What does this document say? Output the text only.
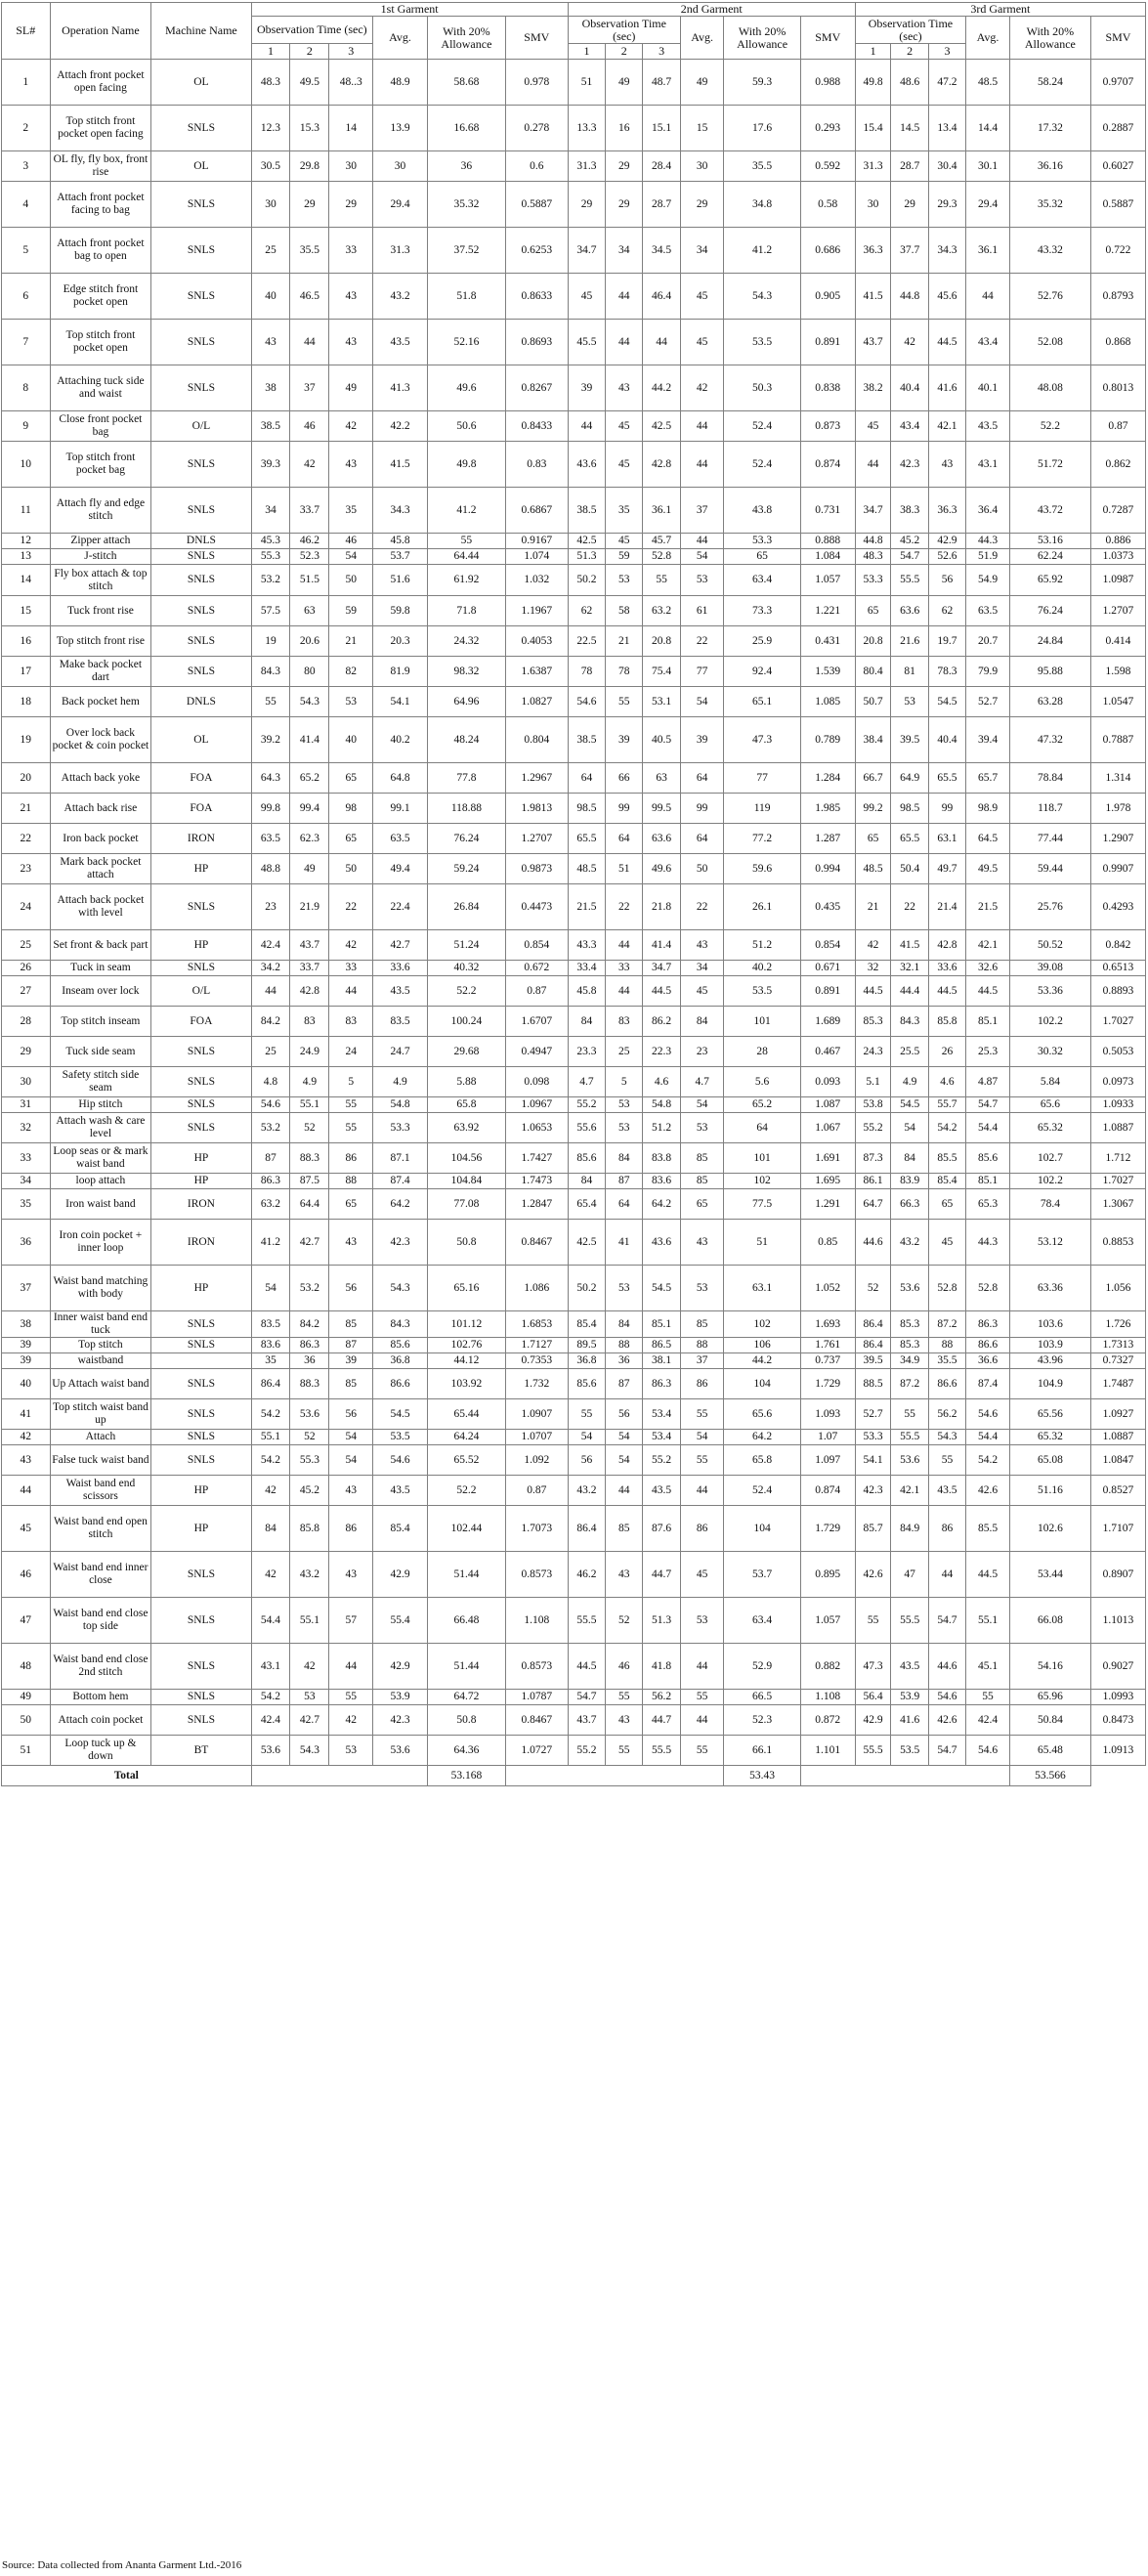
SL#	Operation Name	Machine Name	1st Garment						2nd Garment						3rd Garment					
			Observation Time (sec)			Avg.	With 20% Allowance	SMV	Observation Time (sec)			Avg.	With 20% Allowance	SMV	Observation Time (sec)			Avg.	With 20% Allowance	SMV
			1	2	3				1	2	3				1	2	3			
1	Attach front pocket open facing	OL	48.3	49.5	48..3	48.9	58.68	0.978	51	49	48.7	49	59.3	0.988	49.8	48.6	47.2	48.5	58.24	0.9707
2	Top stitch front pocket open facing	SNLS	12.3	15.3	14	13.9	16.68	0.278	13.3	16	15.1	15	17.6	0.293	15.4	14.5	13.4	14.4	17.32	0.2887
3	OL fly, fly box, front rise	OL	30.5	29.8	30	30	36	0.6	31.3	29	28.4	30	35.5	0.592	31.3	28.7	30.4	30.1	36.16	0.6027
4	Attach front pocket facing to bag	SNLS	30	29	29	29.4	35.32	0.5887	29	29	28.7	29	34.8	0.58	30	29	29.3	29.4	35.32	0.5887
5	Attach front pocket bag to open	SNLS	25	35.5	33	31.3	37.52	0.6253	34.7	34	34.5	34	41.2	0.686	36.3	37.7	34.3	36.1	43.32	0.722
6	Edge stitch front pocket open	SNLS	40	46.5	43	43.2	51.8	0.8633	45	44	46.4	45	54.3	0.905	41.5	44.8	45.6	44	52.76	0.8793
7	Top stitch front pocket open	SNLS	43	44	43	43.5	52.16	0.8693	45.5	44	44	45	53.5	0.891	43.7	42	44.5	43.4	52.08	0.868
8	Attaching tuck side and waist	SNLS	38	37	49	41.3	49.6	0.8267	39	43	44.2	42	50.3	0.838	38.2	40.4	41.6	40.1	48.08	0.8013
9	Close front pocket bag	O/L	38.5	46	42	42.2	50.6	0.8433	44	45	42.5	44	52.4	0.873	45	43.4	42.1	43.5	52.2	0.87
10	Top stitch front pocket bag	SNLS	39.3	42	43	41.5	49.8	0.83	43.6	45	42.8	44	52.4	0.874	44	42.3	43	43.1	51.72	0.862
11	Attach fly and edge stitch	SNLS	34	33.7	35	34.3	41.2	0.6867	38.5	35	36.1	37	43.8	0.731	34.7	38.3	36.3	36.4	43.72	0.7287
12	Zipper attach	DNLS	45.3	46.2	46	45.8	55	0.9167	42.5	45	45.7	44	53.3	0.888	44.8	45.2	42.9	44.3	53.16	0.886
13	J-stitch	SNLS	55.3	52.3	54	53.7	64.44	1.074	51.3	59	52.8	54	65	1.084	48.3	54.7	52.6	51.9	62.24	1.0373
14	Fly box attach & top stitch	SNLS	53.2	51.5	50	51.6	61.92	1.032	50.2	53	55	53	63.4	1.057	53.3	55.5	56	54.9	65.92	1.0987
15	Tuck front rise	SNLS	57.5	63	59	59.8	71.8	1.1967	62	58	63.2	61	73.3	1.221	65	63.6	62	63.5	76.24	1.2707
16	Top stitch front rise	SNLS	19	20.6	21	20.3	24.32	0.4053	22.5	21	20.8	22	25.9	0.431	20.8	21.6	19.7	20.7	24.84	0.414
17	Make back pocket dart	SNLS	84.3	80	82	81.9	98.32	1.6387	78	78	75.4	77	92.4	1.539	80.4	81	78.3	79.9	95.88	1.598
18	Back pocket hem	DNLS	55	54.3	53	54.1	64.96	1.0827	54.6	55	53.1	54	65.1	1.085	50.7	53	54.5	52.7	63.28	1.0547
19	Over lock back pocket & coin pocket	OL	39.2	41.4	40	40.2	48.24	0.804	38.5	39	40.5	39	47.3	0.789	38.4	39.5	40.4	39.4	47.32	0.7887
20	Attach back yoke	FOA	64.3	65.2	65	64.8	77.8	1.2967	64	66	63	64	77	1.284	66.7	64.9	65.5	65.7	78.84	1.314
21	Attach back rise	FOA	99.8	99.4	98	99.1	118.88	1.9813	98.5	99	99.5	99	119	1.985	99.2	98.5	99	98.9	118.7	1.978
22	Iron back pocket	IRON	63.5	62.3	65	63.5	76.24	1.2707	65.5	64	63.6	64	77.2	1.287	65	65.5	63.1	64.5	77.44	1.2907
23	Mark back pocket attach	HP	48.8	49	50	49.4	59.24	0.9873	48.5	51	49.6	50	59.6	0.994	48.5	50.4	49.7	49.5	59.44	0.9907
24	Attach back pocket with level	SNLS	23	21.9	22	22.4	26.84	0.4473	21.5	22	21.8	22	26.1	0.435	21	22	21.4	21.5	25.76	0.4293
25	Set front & back part	HP	42.4	43.7	42	42.7	51.24	0.854	43.3	44	41.4	43	51.2	0.854	42	41.5	42.8	42.1	50.52	0.842
26	Tuck in seam	SNLS	34.2	33.7	33	33.6	40.32	0.672	33.4	33	34.7	34	40.2	0.671	32	32.1	33.6	32.6	39.08	0.6513
27	Inseam over lock	O/L	44	42.8	44	43.5	52.2	0.87	45.8	44	44.5	45	53.5	0.891	44.5	44.4	44.5	44.5	53.36	0.8893
28	Top stitch inseam	FOA	84.2	83	83	83.5	100.24	1.6707	84	83	86.2	84	101	1.689	85.3	84.3	85.8	85.1	102.2	1.7027
29	Tuck side seam	SNLS	25	24.9	24	24.7	29.68	0.4947	23.3	25	22.3	23	28	0.467	24.3	25.5	26	25.3	30.32	0.5053
30	Safety stitch side seam	SNLS	4.8	4.9	5	4.9	5.88	0.098	4.7	5	4.6	4.7	5.6	0.093	5.1	4.9	4.6	4.87	5.84	0.0973
31	Hip stitch	SNLS	54.6	55.1	55	54.8	65.8	1.0967	55.2	53	54.8	54	65.2	1.087	53.8	54.5	55.7	54.7	65.6	1.0933
32	Attach wash & care level	SNLS	53.2	52	55	53.3	63.92	1.0653	55.6	53	51.2	53	64	1.067	55.2	54	54.2	54.4	65.32	1.0887
33	Loop seas or & mark waist band	HP	87	88.3	86	87.1	104.56	1.7427	85.6	84	83.8	85	101	1.691	87.3	84	85.5	85.6	102.7	1.712
34	loop attach	HP	86.3	87.5	88	87.4	104.84	1.7473	84	87	83.6	85	102	1.695	86.1	83.9	85.4	85.1	102.2	1.7027
35	Iron waist band	IRON	63.2	64.4	65	64.2	77.08	1.2847	65.4	64	64.2	65	77.5	1.291	64.7	66.3	65	65.3	78.4	1.3067
36	Iron coin pocket + inner loop	IRON	41.2	42.7	43	42.3	50.8	0.8467	42.5	41	43.6	43	51	0.85	44.6	43.2	45	44.3	53.12	0.8853
37	Waist band matching with body	HP	54	53.2	56	54.3	65.16	1.086	50.2	53	54.5	53	63.1	1.052	52	53.6	52.8	52.8	63.36	1.056
38	Inner waist band end tuck	SNLS	83.5	84.2	85	84.3	101.12	1.6853	85.4	84	85.1	85	102	1.693	86.4	85.3	87.2	86.3	103.6	1.726
39	Top stitch	SNLS	83.6	86.3	87	85.6	102.76	1.7127	89.5	88	86.5	88	106	1.761	86.4	85.3	88	86.6	103.9	1.7313
39	waistband		35	36	39	36.8	44.12	0.7353	36.8	36	38.1	37	44.2	0.737	39.5	34.9	35.5	36.6	43.96	0.7327
40	Up Attach waist band	SNLS	86.4	88.3	85	86.6	103.92	1.732	85.6	87	86.3	86	104	1.729	88.5	87.2	86.6	87.4	104.9	1.7487
41	Top stitch waist band up	SNLS	54.2	53.6	56	54.5	65.44	1.0907	55	56	53.4	55	65.6	1.093	52.7	55	56.2	54.6	65.56	1.0927
42	Attach	SNLS	55.1	52	54	53.5	64.24	1.0707	54	54	53.4	54	64.2	1.07	53.3	55.5	54.3	54.4	65.32	1.0887
43	False tuck waist band	SNLS	54.2	55.3	54	54.6	65.52	1.092	56	54	55.2	55	65.8	1.097	54.1	53.6	55	54.2	65.08	1.0847
44	Waist band end scissors	HP	42	45.2	43	43.5	52.2	0.87	43.2	44	43.5	44	52.4	0.874	42.3	42.1	43.5	42.6	51.16	0.8527
45	Waist band end open stitch	HP	84	85.8	86	85.4	102.44	1.7073	86.4	85	87.6	86	104	1.729	85.7	84.9	86	85.5	102.6	1.7107
46	Waist band end inner close	SNLS	42	43.2	43	42.9	51.44	0.8573	46.2	43	44.7	45	53.7	0.895	42.6	47	44	44.5	53.44	0.8907
47	Waist band end close top side	SNLS	54.4	55.1	57	55.4	66.48	1.108	55.5	52	51.3	53	63.4	1.057	55	55.5	54.7	55.1	66.08	1.1013
48	Waist band end close 2nd stitch	SNLS	43.1	42	44	42.9	51.44	0.8573	44.5	46	41.8	44	52.9	0.882	47.3	43.5	44.6	45.1	54.16	0.9027
49	Bottom hem	SNLS	54.2	53	55	53.9	64.72	1.0787	54.7	55	56.2	55	66.5	1.108	56.4	53.9	54.6	55	65.96	1.0993
50	Attach coin pocket	SNLS	42.4	42.7	42	42.3	50.8	0.8467	43.7	43	44.7	44	52.3	0.872	42.9	41.6	42.6	42.4	50.84	0.8473
51	Loop tuck up & down	BT	53.6	54.3	53	53.6	64.36	1.0727	55.2	55	55.5	55	66.1	1.101	55.5	53.5	54.7	54.6	65.48	1.0913
Total							53.168						53.43						53.566	
Source: Data collected from Ananta Garment Ltd.-2016
